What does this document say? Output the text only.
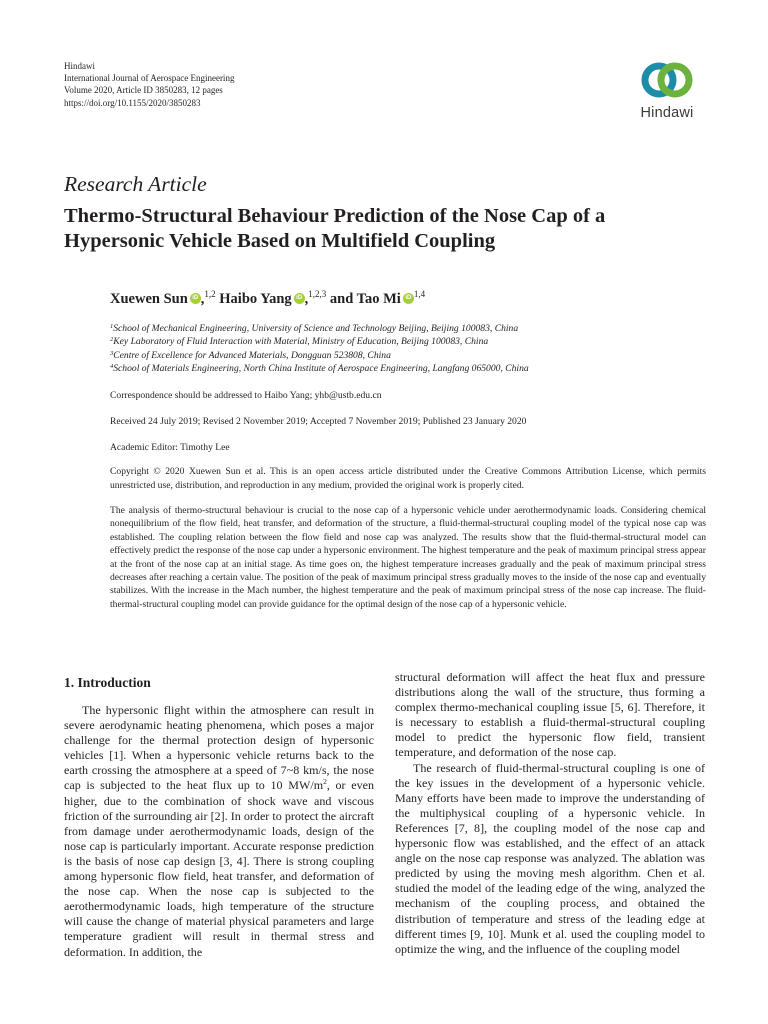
Hindawi
International Journal of Aerospace Engineering
Volume 2020, Article ID 3850283, 12 pages
https://doi.org/10.1155/2020/3850283
Hindawi
Research Article
Thermo-Structural Behaviour Prediction of the Nose Cap of a Hypersonic Vehicle Based on Multifield Coupling
Xuewen Sun iD ,$^{1,2}$ Haibo Yang iD ,$^{1,2,3}$ and Tao Mi iD $^{1,4}$
$^1$School of Mechanical Engineering, University of Science and Technology Beijing, Beijing 100083, China
$^2$Key Laboratory of Fluid Interaction with Material, Ministry of Education, Beijing 100083, China
$^3$Centre of Excellence for Advanced Materials, Dongguan 523808, China
$^4$School of Materials Engineering, North China Institute of Aerospace Engineering, Langfang 065000, China
Correspondence should be addressed to Haibo Yang; yhb@ustb.edu.cn
Received 24 July 2019; Revised 2 November 2019; Accepted 7 November 2019; Published 23 January 2020
Academic Editor: Timothy Lee
Copyright © 2020 Xuewen Sun et al. This is an open access article distributed under the Creative Commons Attribution License, which permits unrestricted use, distribution, and reproduction in any medium, provided the original work is properly cited.
The analysis of thermo-structural behaviour is crucial to the nose cap of a hypersonic vehicle under aerothermodynamic loads. Considering chemical nonequilibrium of the flow field, heat transfer, and deformation of the structure, a fluid-thermal-structural coupling model of the typical nose cap was established. The coupling relation between the flow field and nose cap was analyzed. The results show that the fluid-thermal-structural model can effectively predict the response of the nose cap under a hypersonic environment. The highest temperature and the peak of maximum principal stress appear at the front of the nose cap at an initial stage. As time goes on, the highest temperature increases gradually and the peak of maximum principal stress decreases after reaching a certain value. The position of the peak of maximum principal stress gradually moves to the inside of the nose cap and eventually stabilizes. With the increase in the Mach number, the highest temperature and the peak of maximum principal stress of the nose cap increase. The fluid-thermal-structural coupling model can provide guidance for the optimal design of the nose cap of a hypersonic vehicle.
1. Introduction

The hypersonic flight within the atmosphere can result in severe aerodynamic heating phenomena, which poses a major challenge for the thermal protection design of hypersonic vehicles [1]. When a hypersonic vehicle returns back to the earth crossing the atmosphere at a speed of 7~8 km/s, the nose cap is subjected to the heat flux up to 10 $MW/m^2$, or even higher, due to the combination of shock wave and viscous friction of the surrounding air [2]. In order to protect the aircraft from damage under aerothermodynamic loads, design of the nose cap is particularly important. Accurate response prediction is the basis of nose cap design [3, 4]. There is strong coupling among hypersonic flow field, heat transfer, and deformation of the nose cap. When the nose cap is subjected to the aerothermodynamic loads, high temperature of the structure will cause the change of material physical parameters and large temperature gradient will result in thermal stress and deformation. In addition, the

structural deformation will affect the heat flux and pressure distributions along the wall of the structure, thus forming a complex thermo-mechanical coupling issue [5, 6]. Therefore, it is necessary to establish a fluid-thermal-structural coupling model to predict the hypersonic flow field, transient temperature, and deformation of the nose cap.

The research of fluid-thermal-structural coupling is one of the key issues in the development of a hypersonic vehicle. Many efforts have been made to improve the understanding of the multiphysical coupling of a hypersonic vehicle. In References [7, 8], the coupling model of the nose cap and hypersonic flow was established, and the effect of an attack angle on the nose cap response was analyzed. The ablation was predicted by using the moving mesh algorithm. Chen et al. studied the model of the leading edge of the wing, analyzed the mechanism of the coupling process, and obtained the distribution of temperature and stress of the leading edge at different times [9, 10]. Munk et al. used the coupling model to optimize the wing, and the influence of the coupling model
